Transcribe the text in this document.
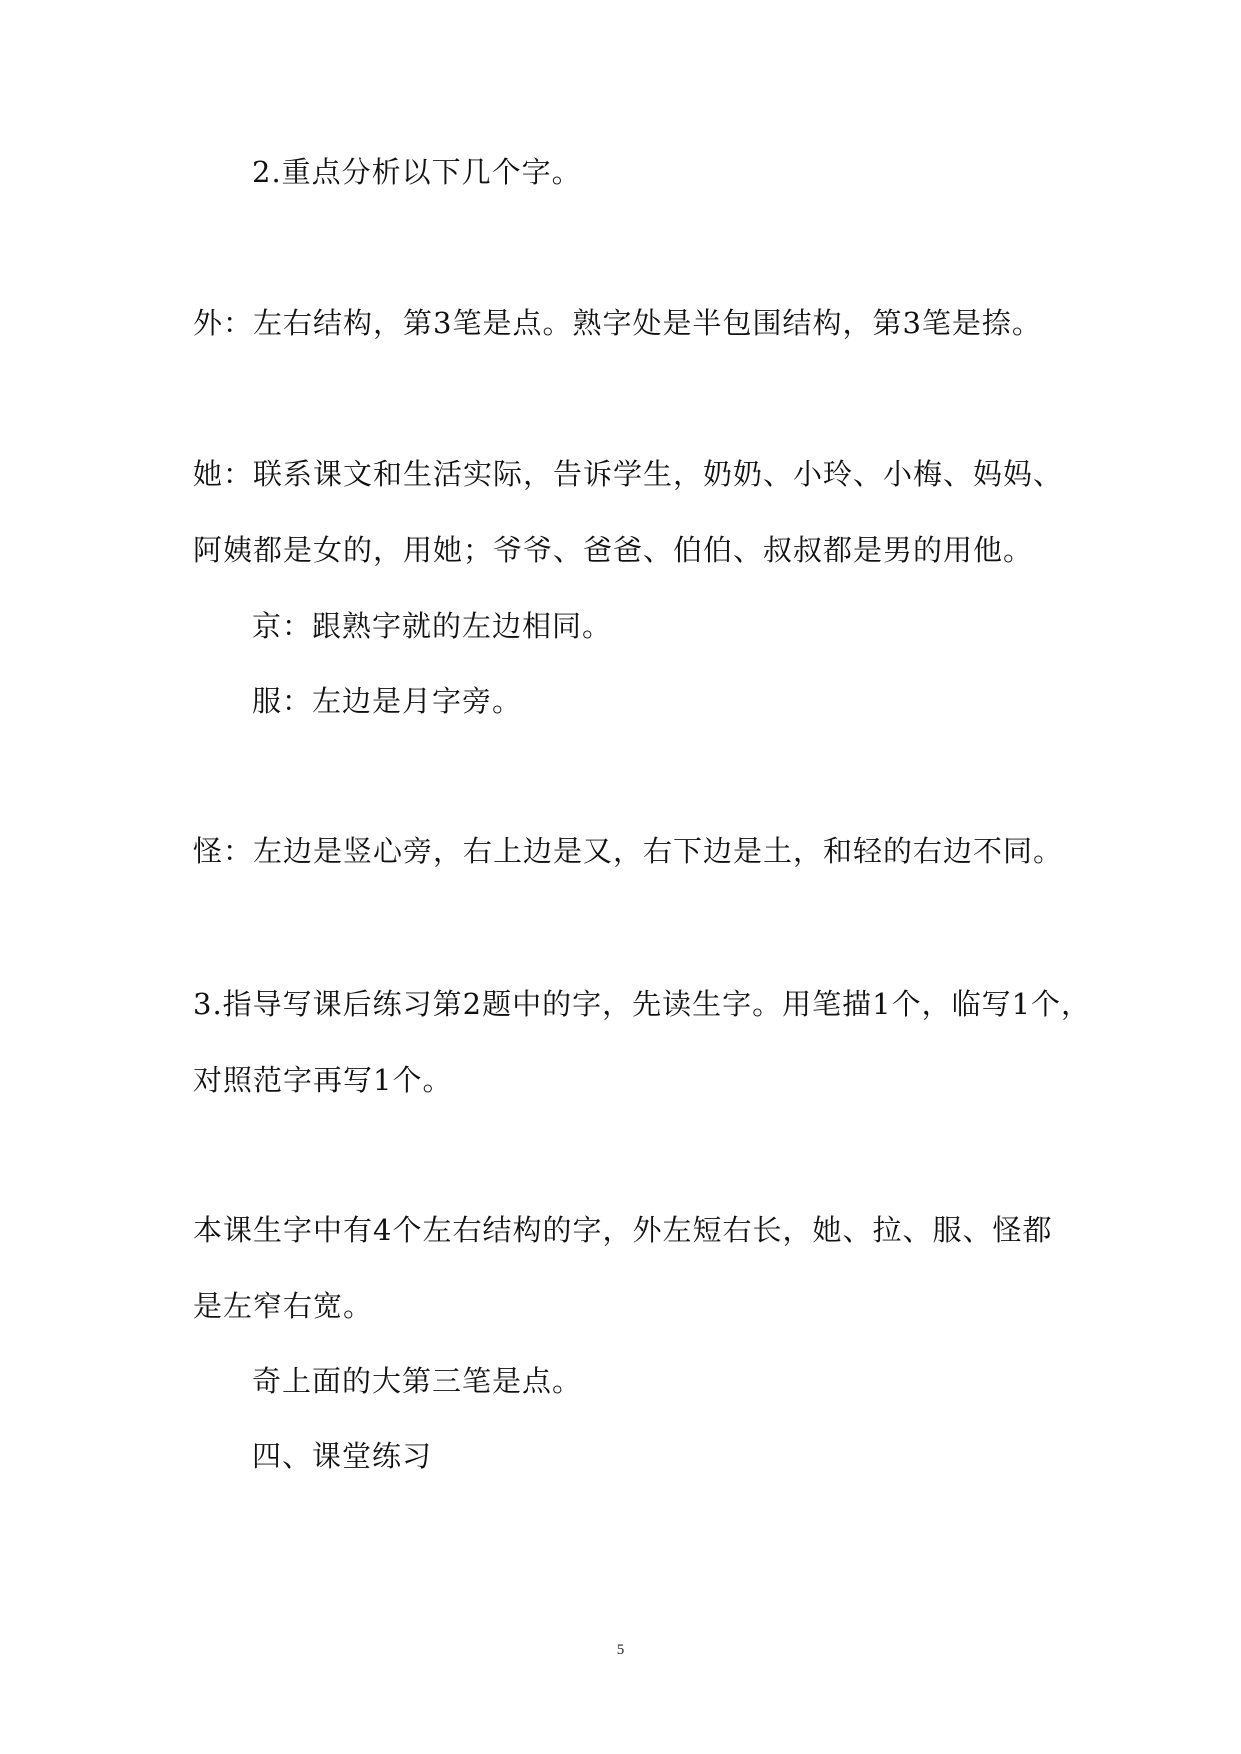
2.重点分析以下几个字。
外：左右结构，第3笔是点。熟字处是半包围结构，第3笔是捺。
她：联系课文和生活实际，告诉学生，奶奶、小玲、小梅、妈妈、
阿姨都是女的，用她；爷爷、爸爸、伯伯、叔叔都是男的用他。
京：跟熟字就的左边相同。
服：左边是月字旁。
怪：左边是竖心旁，右上边是又，右下边是土，和轻的右边不同。
3.指导写课后练习第2题中的字，先读生字。用笔描1个，临写1个，
对照范字再写1个。
本课生字中有4个左右结构的字，外左短右长，她、拉、服、怪都
是左窄右宽。
奇上面的大第三笔是点。
四、课堂练习
5
